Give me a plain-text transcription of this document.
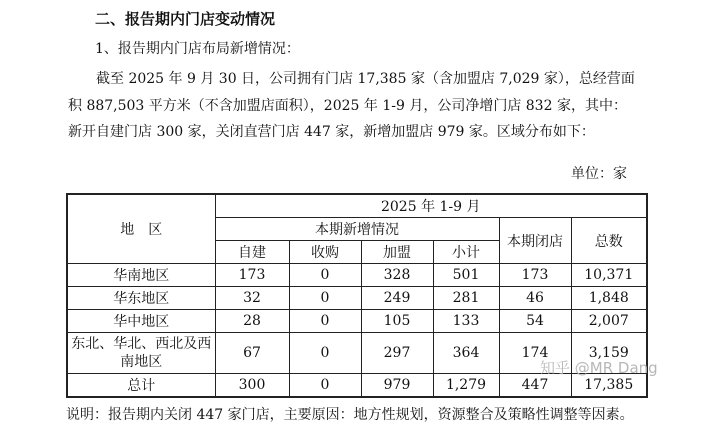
二、报告期内门店变动情况
1、报告期内门店布局新增情况：
截至 2025 年 9 月 30 日，公司拥有门店 17,385 家（含加盟店 7,029 家），总经营面积 887,503 平方米（不含加盟店面积），2025 年 1-9 月，公司净增门店 832 家，其中：新开自建门店 300 家，关闭直营门店 447 家，新增加盟店 979 家。区域分布如下：
单位：家
地　区	2025 年 1-9 月					
	本期新增情况				本期闭店	总数
	自建	收购	加盟	小计		
华南地区	173	0	328	501	173	10,371
华东地区	32	0	249	281	46	1,848
华中地区	28	0	105	133	54	2,007
东北、华北、西北及西南地区	67	0	297	364	174	3,159
总计	300	0	979	1,279	447	17,385
知乎 @MR Dang
说明：报告期内关闭 447 家门店，主要原因：地方性规划，资源整合及策略性调整等因素。
